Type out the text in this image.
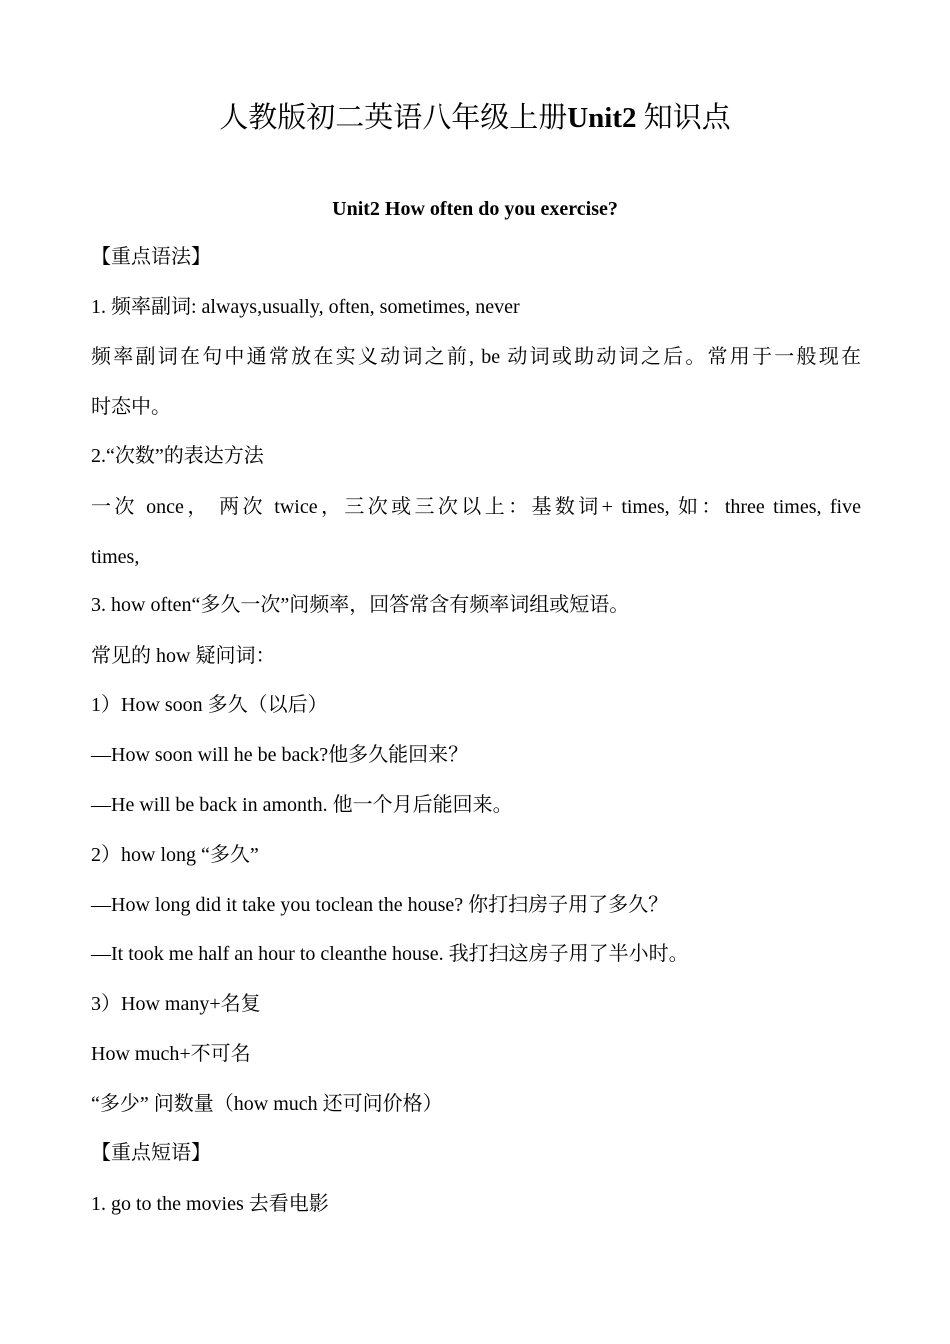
人教版初二英语八年级上册Unit2 知识点
Unit2 How often do you exercise?
【重点语法】
1. 频率副词: always,usually, often, sometimes, never
频率副词在句中通常放在实义动词之前, be 动词或助动词之后。常用于一般现在
时态中。
2.“次数”的表达方法
一次 once， 两次 twice，三次或三次以上：基数词+ times, 如：three times, five
times,
3. how often“多久一次”问频率，回答常含有频率词组或短语。
常见的 how 疑问词：
1）How soon 多久（以后）
—How soon will he be back?他多久能回来？
—He will be back in amonth. 他一个月后能回来。
2）how long “多久”
—How long did it take you toclean the house? 你打扫房子用了多久？
—It took me half an hour to cleanthe house. 我打扫这房子用了半小时。
3）How many+名复
How much+不可名
“多少” 问数量（how much 还可问价格）
【重点短语】
1. go to the movies 去看电影
